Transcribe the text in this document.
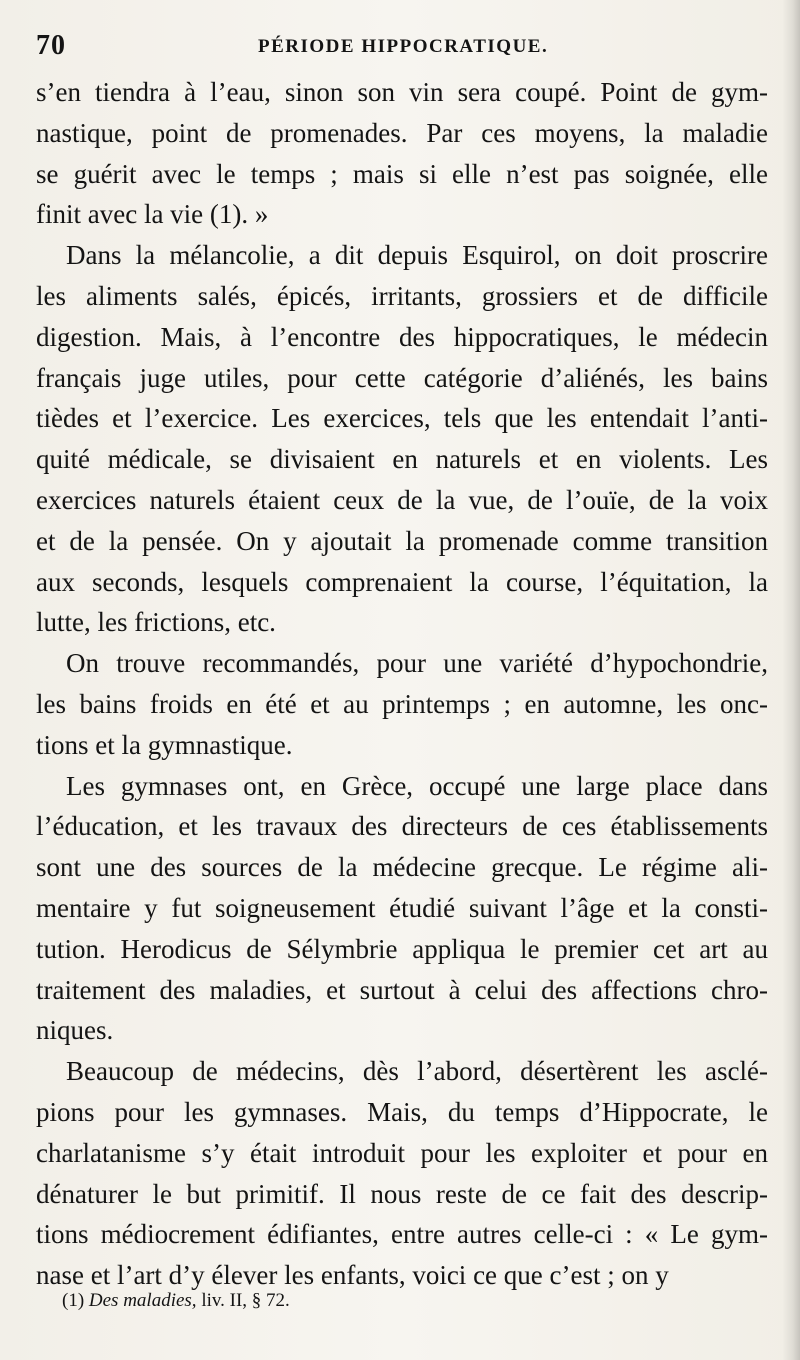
70	PÉRIODE HIPPOCRATIQUE.
s’en tiendra à l’eau, sinon son vin sera coupé. Point de gym-
nastique, point de promenades. Par ces moyens, la maladie
se guérit avec le temps ; mais si elle n’est pas soignée, elle
finit avec la vie (1). »
Dans la mélancolie, a dit depuis Esquirol, on doit proscrire
les aliments salés, épicés, irritants, grossiers et de difficile
digestion. Mais, à l’encontre des hippocratiques, le médecin
français juge utiles, pour cette catégorie d’aliénés, les bains
tièdes et l’exercice. Les exercices, tels que les entendait l’anti-
quité médicale, se divisaient en naturels et en violents. Les
exercices naturels étaient ceux de la vue, de l’ouïe, de la voix
et de la pensée. On y ajoutait la promenade comme transition
aux seconds, lesquels comprenaient la course, l’équitation, la
lutte, les frictions, etc.
On trouve recommandés, pour une variété d’hypochondrie,
les bains froids en été et au printemps ; en automne, les onc-
tions et la gymnastique.
Les gymnases ont, en Grèce, occupé une large place dans
l’éducation, et les travaux des directeurs de ces établissements
sont une des sources de la médecine grecque. Le régime ali-
mentaire y fut soigneusement étudié suivant l’âge et la consti-
tution. Herodicus de Sélymbrie appliqua le premier cet art au
traitement des maladies, et surtout à celui des affections chro-
niques.
Beaucoup de médecins, dès l’abord, désertèrent les asclé-
pions pour les gymnases. Mais, du temps d’Hippocrate, le
charlatanisme s’y était introduit pour les exploiter et pour en
dénaturer le but primitif. Il nous reste de ce fait des descrip-
tions médiocrement édifiantes, entre autres celle-ci : « Le gym-
nase et l’art d’y élever les enfants, voici ce que c’est ; on y
(1) Des maladies, liv. II, § 72.
